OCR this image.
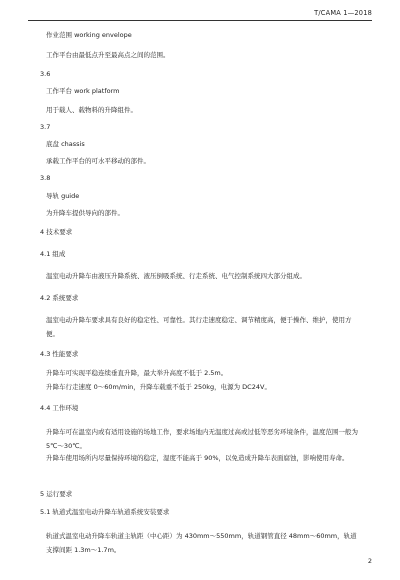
T/CAMA 1—2018
作业范围 working envelope
工作平台由最低点升至最高点之间的范围。
3.6
工作平台 work platform
用于载人、载物料的升降组件。
3.7
底盘 chassis
承载工作平台的可水平移动的部件。
3.8
导轨 guide
为升降车提供导向的部件。
4 技术要求
4.1 组成
温室电动升降车由液压升降系统、液压倒吸系统、行走系统、电气控制系统四大部分组成。
4.2 系统要求
温室电动升降车要求具有良好的稳定性、可靠性。其行走速度稳定、调节精度高，便于操作、维护，使用方便。
4.3 性能要求
升降车可实现平稳连续垂直升降，最大举升高度不低于 2.5m。
升降车行走速度 0～60m/min，升降车载重不低于 250kg，电源为 DC24V。
4.4 工作环境
升降车可在温室内或有适用设施的场地工作，要求场地内无温度过高或过低等恶劣环境条件，温度范围一般为 5℃～30℃。
升降车使用场所内尽量保持环境的稳定，湿度不能高于 90%，以免造成升降车表面腐蚀，影响使用寿命。
5 运行要求
5.1 轨道式温室电动升降车轨道系统安装要求
轨道式温室电动升降车轨道主轨距（中心距）为 430mm～550mm，轨道钢管直径 48mm～60mm，轨道支撑间距 1.3m～1.7m。
2
